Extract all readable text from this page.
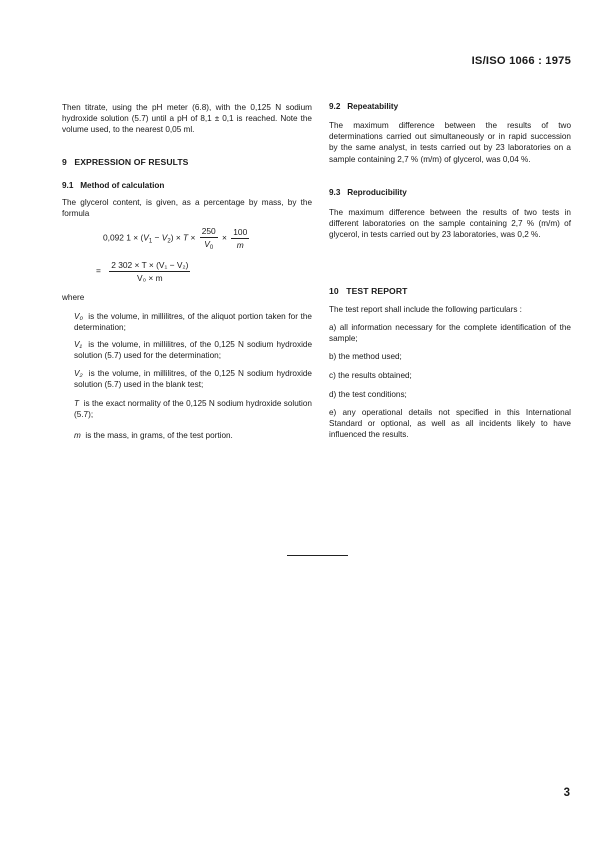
IS/ISO 1066 : 1975

Then titrate, using the pH meter (6.8), with the 0,125 N sodium hydroxide solution (5.7) until a pH of 8,1 ± 0,1 is reached. Note the volume used, to the nearest 0,05 ml.

9 EXPRESSION OF RESULTS
9.1 Method of calculation

The glycerol content, is given, as a percentage by mass, by the formula

0,092 $1 \times (V_1 - V_2) \times T \times \frac{250}{V_0} \times \frac{100}{m}$
= $\frac{\text{2 302 × T × (V₁ − V₂)}}{\text{V₀ × m}}$

where

V₀ is the volume, in millilitres, of the aliquot portion taken for the determination;

V₁ is the volume, in millilitres, of the 0,125 N sodium hydroxide solution (5.7) used for the determination;

V₂ is the volume, in millilitres, of the 0,125 N sodium hydroxide solution (5.7) used in the blank test;

T is the exact normality of the 0,125 N sodium hydroxide solution (5.7);

m is the mass, in grams, of the test portion.

9.2 Repeatability

The maximum difference between the results of two determinations carried out simultaneously or in rapid succession by the same analyst, in tests carried out by 23 laboratories on a sample containing 2,7 % (m/m) of glycerol, was 0,04 %.

9.3 Reproducibility

The maximum difference between the results of two tests in different laboratories on the sample containing 2,7 % (m/m) of glycerol, in tests carried out by 23 laboratories, was 0,2 %.

10 TEST REPORT

The test report shall include the following particulars :

a) all information necessary for the complete identification of the sample;

b) the method used;

c) the results obtained;

d) the test conditions;

e) any operational details not specified in this International Standard or optional, as well as all incidents likely to have influenced the results.

3
